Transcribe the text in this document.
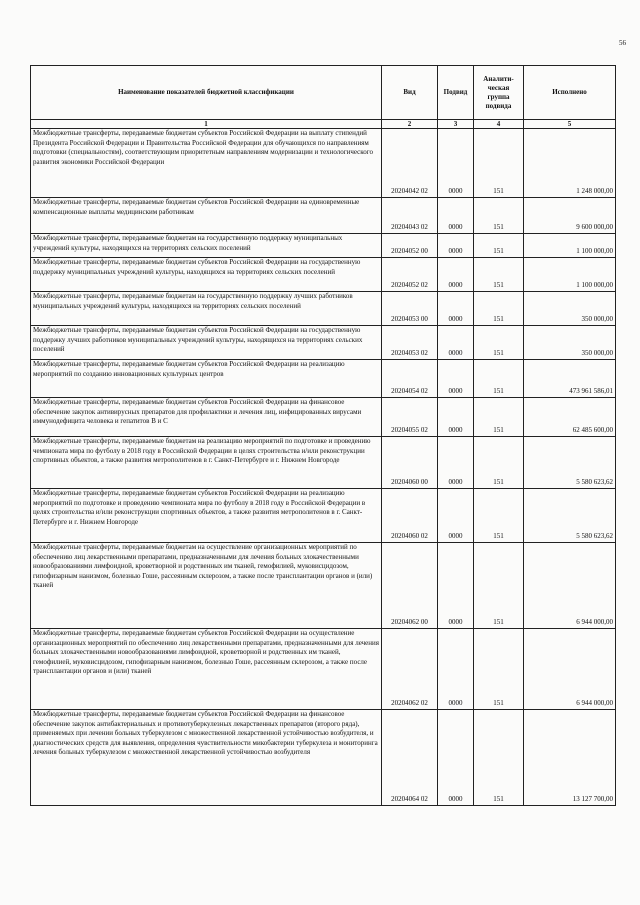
56
Наименование показателей бюджетной классификации	Вид	Подвид	Аналити-ческая группа подвида	Исполнено
1	2	3	4	5
Межбюджетные трансферты, передаваемые бюджетам субъектов Российской Федерации на выплату стипендий Президента Российской Федерации и Правительства Российской Федерации для обучающихся по направлениям подготовки (специальностям), соответствующим приоритетным направлениям модернизации и технологического развития экономики Российской Федерации	20204042 02	0000	151	1 248 000,00
Межбюджетные трансферты, передаваемые бюджетам субъектов Российской Федерации на единовременные компенсационные выплаты медицинским работникам	20204043 02	0000	151	9 600 000,00
Межбюджетные трансферты, передаваемые бюджетам на государственную поддержку муниципальных учреждений культуры, находящихся на территориях сельских поселений	20204052 00	0000	151	1 100 000,00
Межбюджетные трансферты, передаваемые бюджетам субъектов Российской Федерации на государственную поддержку муниципальных учреждений культуры, находящихся на территориях сельских поселений	20204052 02	0000	151	1 100 000,00
Межбюджетные трансферты, передаваемые бюджетам на государственную поддержку лучших работников муниципальных учреждений культуры, находящихся на территориях сельских поселений	20204053 00	0000	151	350 000,00
Межбюджетные трансферты, передаваемые бюджетам субъектов Российской Федерации на государственную поддержку лучших работников муниципальных учреждений культуры, находящихся на территориях сельских поселений	20204053 02	0000	151	350 000,00
Межбюджетные трансферты, передаваемые бюджетам субъектов Российской Федерации на реализацию мероприятий по созданию инновационных культурных центров	20204054 02	0000	151	473 961 586,01
Межбюджетные трансферты, передаваемые бюджетам субъектов Российской Федерации на финансовое обеспечение закупок антивирусных препаратов для профилактики и лечения лиц, инфицированных вирусами иммунодефицита человека и гепатитов В и С	20204055 02	0000	151	62 485 600,00
Межбюджетные трансферты, передаваемые бюджетам на реализацию мероприятий по подготовке и проведению чемпионата мира по футболу в 2018 году в Российской Федерации в целях строительства и/или реконструкции спортивных объектов, а также развития метрополитенов в г. Санкт-Петербурге и г. Нижнем Новгороде	20204060 00	0000	151	5 580 623,62
Межбюджетные трансферты, передаваемые бюджетам субъектов Российской Федерации на реализацию мероприятий по подготовке и проведению чемпионата мира по футболу в 2018 году в Российской Федерации в целях строительства и/или реконструкции спортивных объектов, а также развития метрополитенов в г. Санкт-Петербурге и г. Нижнем Новгороде	20204060 02	0000	151	5 580 623,62
Межбюджетные трансферты, передаваемые бюджетам на осуществление организационных мероприятий по обеспечению лиц лекарственными препаратами, предназначенными для лечения больных злокачественными новообразованиями лимфоидной, кроветворной и родственных им тканей, гемофилией, муковисцидозом, гипофизарным нанизмом, болезнью Гоше, рассеянным склерозом, а также после трансплантации органов и (или) тканей	20204062 00	0000	151	6 944 000,00
Межбюджетные трансферты, передаваемые бюджетам субъектов Российской Федерации на осуществление организационных мероприятий по обеспечению лиц лекарственными препаратами, предназначенными для лечения больных злокачественными новообразованиями лимфоидной, кроветворной и родственных им тканей, гемофилией, муковисцидозом, гипофизарным нанизмом, болезнью Гоше, рассеянным склерозом, а также после трансплантации органов и (или) тканей	20204062 02	0000	151	6 944 000,00
Межбюджетные трансферты, передаваемые бюджетам субъектов Российской Федерации на финансовое обеспечение закупок антибактериальных и противотуберкулезных лекарственных препаратов (второго ряда), применяемых при лечении больных туберкулезом с множественной лекарственной устойчивостью возбудителя, и диагностических средств для выявления, определения чувствительности микобактерии туберкулеза и мониторинга лечения больных туберкулезом с множественной лекарственной устойчивостью возбудителя	20204064 02	0000	151	13 127 700,00
